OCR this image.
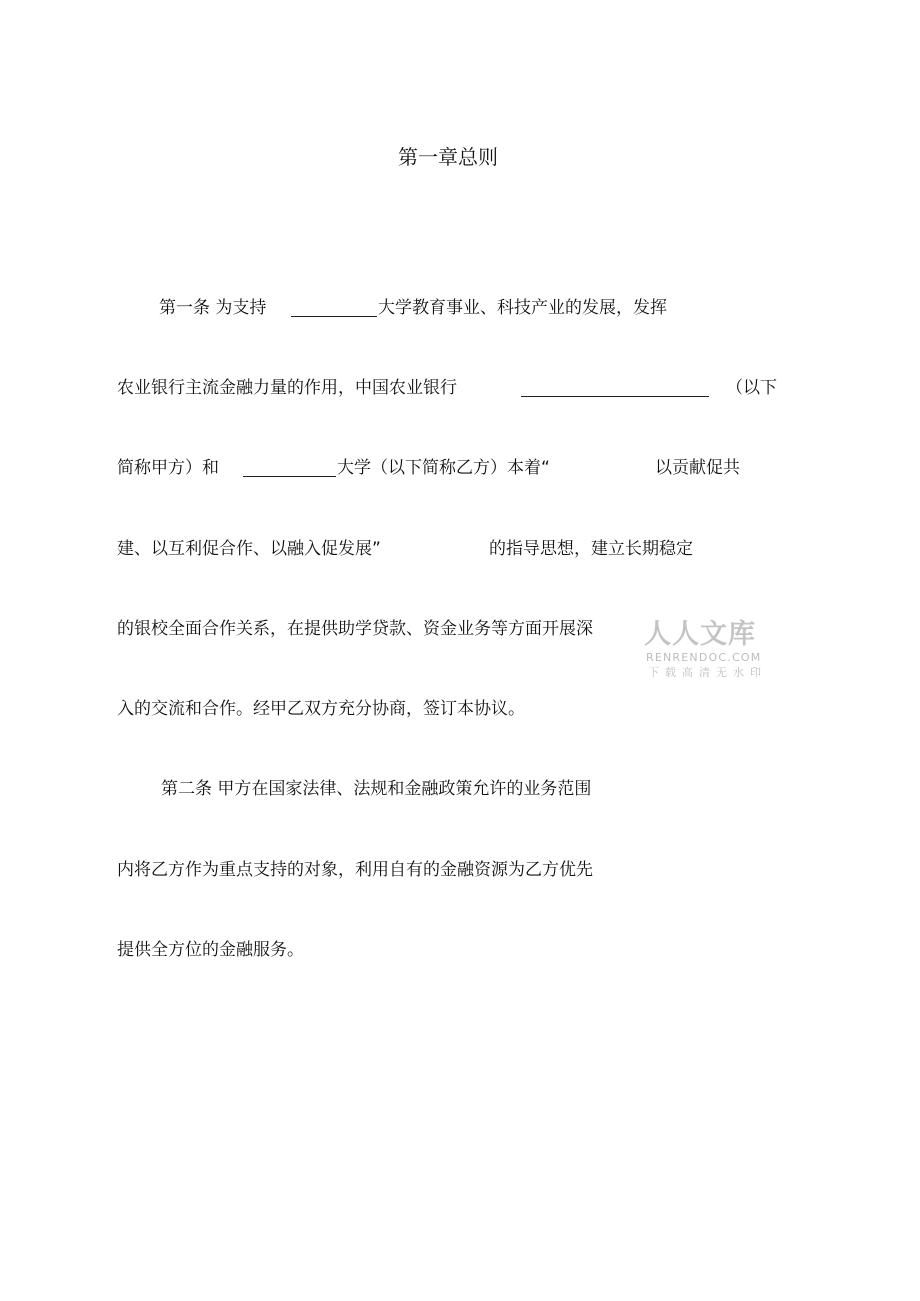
第一章总则
第一条 为支持	大学教育事业、科技产业的发展，发挥
农业银行主流金融力量的作用，中国农业银行	（以下
简称甲方）和	大学（以下简称乙方）本着“	以贡献促共
建、以互利促合作、以融入促发展”	的指导思想，建立长期稳定
的银校全面合作关系，在提供助学贷款、资金业务等方面开展深
入的交流和合作。经甲乙双方充分协商，签订本协议。
第二条 甲方在国家法律、法规和金融政策允许的业务范围
内将乙方作为重点支持的对象，利用自有的金融资源为乙方优先
提供全方位的金融服务。
人人文库
RENRENDOC.COM
下载高清无水印
